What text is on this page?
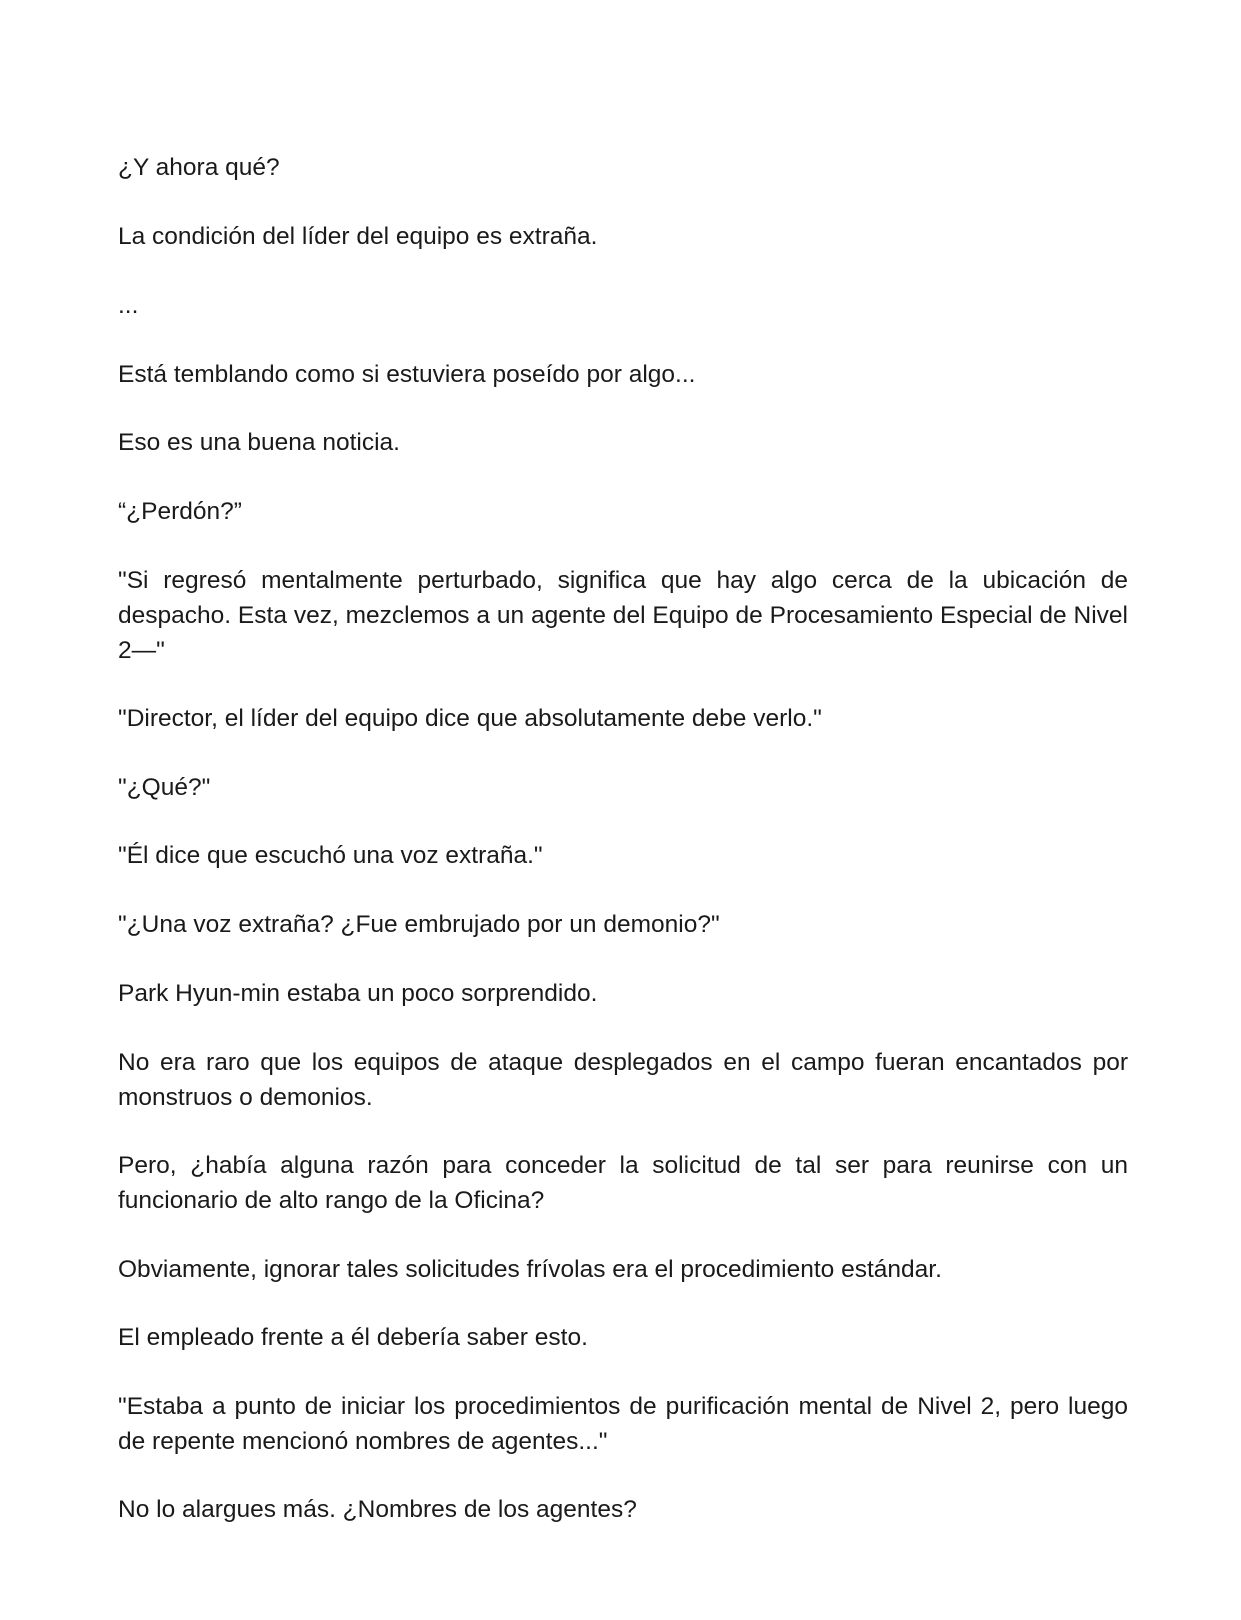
¿Y ahora qué?

La condición del líder del equipo es extraña.

...

Está temblando como si estuviera poseído por algo...

Eso es una buena noticia.

“¿Perdón?”

"Si regresó mentalmente perturbado, significa que hay algo cerca de la ubicación de despacho. Esta vez, mezclemos a un agente del Equipo de Procesamiento Especial de Nivel 2—"

"Director, el líder del equipo dice que absolutamente debe verlo."

"¿Qué?"

"Él dice que escuchó una voz extraña."

"¿Una voz extraña? ¿Fue embrujado por un demonio?"

Park Hyun-min estaba un poco sorprendido.

No era raro que los equipos de ataque desplegados en el campo fueran encantados por monstruos o demonios.

Pero, ¿había alguna razón para conceder la solicitud de tal ser para reunirse con un funcionario de alto rango de la Oficina?

Obviamente, ignorar tales solicitudes frívolas era el procedimiento estándar.

El empleado frente a él debería saber esto.

"Estaba a punto de iniciar los procedimientos de purificación mental de Nivel 2, pero luego de repente mencionó nombres de agentes..."

No lo alargues más. ¿Nombres de los agentes?
